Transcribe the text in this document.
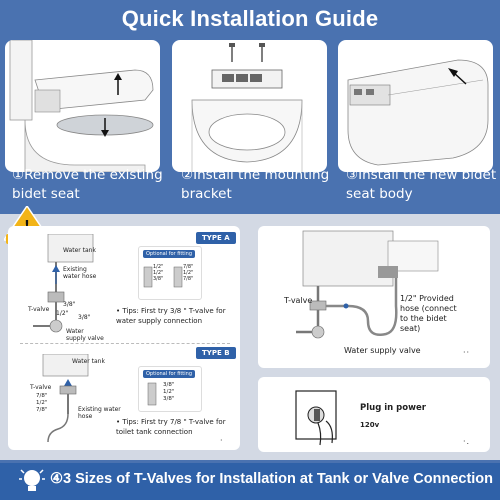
Quick Installation Guide
①Remove the existing
bidet seat
②Install the mounting
bracket
③Install the new bidet
seat body
TYPE A
Water tank
Existing
water hose
T-valve
3/8"
1/2"
3/8"
Water
supply valve
Optional for fitting
1/2"
1/2"
3/8"
7/8"
1/2"
7/8"
• Tips: First try 3/8 " T-valve for
water supply connection
TYPE B
Water tank
T-valve
7/8"
1/2"
7/8"	Existing water
hose
Optional for fitting
3/8"
1/2"
3/8"
• Tips: First try 7/8 " T-valve for
toilet tank connection
·
T-valve	1/2" Provided
hose (connect
to the bidet
seat)
Water supply valve	··
Plug in power
120v
·.
④3 Sizes of T-Valves for Installation at Tank or Valve Connection
